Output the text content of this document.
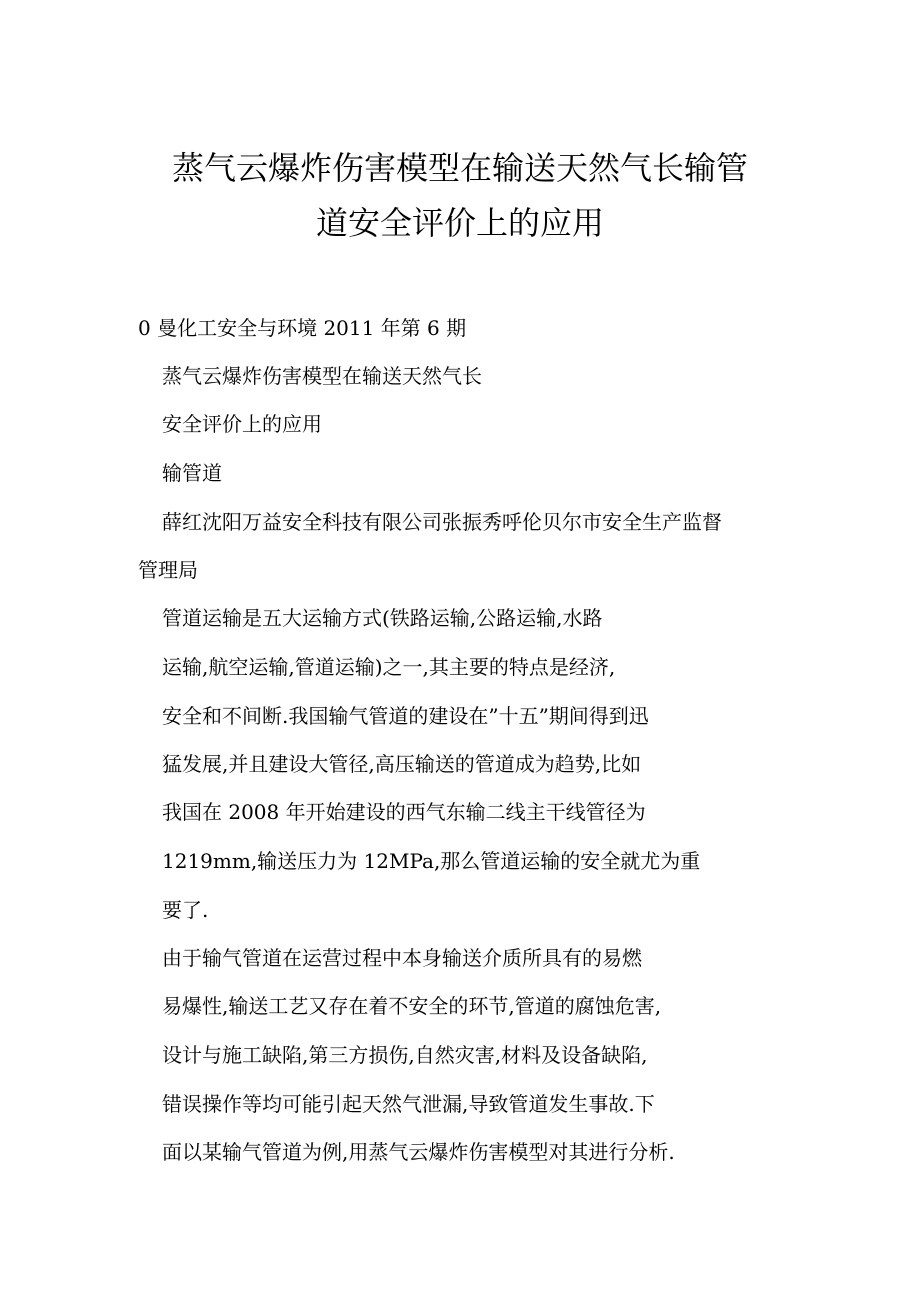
蒸气云爆炸伤害模型在输送天然气长输管
道安全评价上的应用

0 曼化工安全与环境 2011 年第 6 期

蒸气云爆炸伤害模型在输送天然气长

安全评价上的应用

输管道

薛红沈阳万益安全科技有限公司张振秀呼伦贝尔市安全生产监督

管理局

管道运输是五大运输方式(铁路运输,公路运输,水路

运输,航空运输,管道运输)之一,其主要的特点是经济,

安全和不间断.我国输气管道的建设在”十五”期间得到迅

猛发展,并且建设大管径,高压输送的管道成为趋势,比如

我国在 2008 年开始建设的西气东输二线主干线管径为

1219mm,输送压力为 12MPa,那么管道运输的安全就尤为重

要了.

由于输气管道在运营过程中本身输送介质所具有的易燃

易爆性,输送工艺又存在着不安全的环节,管道的腐蚀危害,

设计与施工缺陷,第三方损伤,自然灾害,材料及设备缺陷,

错误操作等均可能引起天然气泄漏,导致管道发生事故.下

面以某输气管道为例,用蒸气云爆炸伤害模型对其进行分析.
